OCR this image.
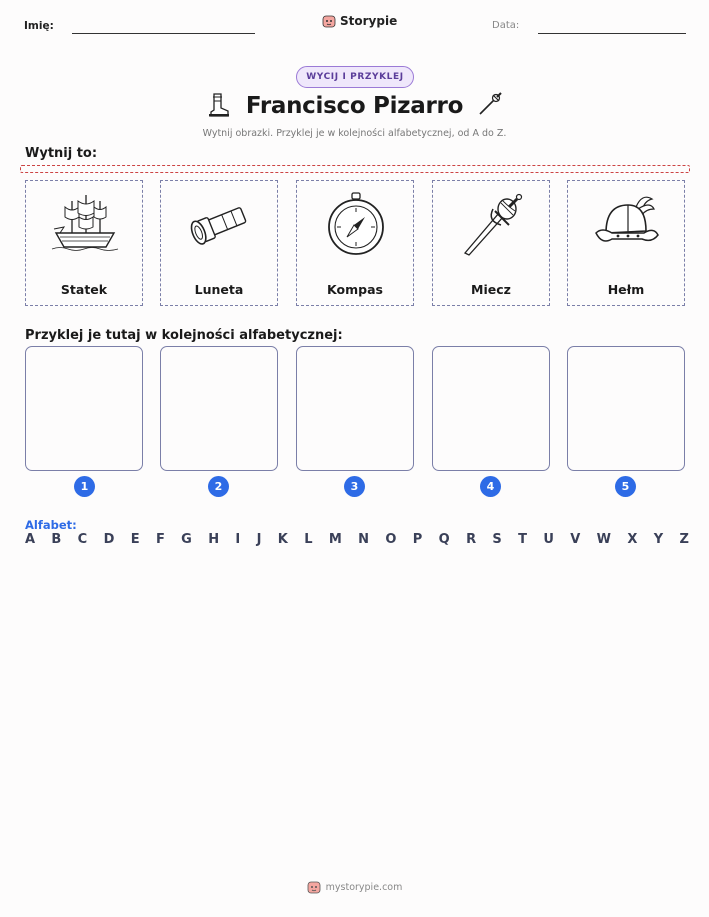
Imię:	Storypie	Data:
WYCIJ I PRZYKLEJ
Francisco Pizarro
Wytnij obrazki. Przyklej je w kolejności alfabetycznej, od A do Z.
Wytnij to:
Statek	Luneta	Kompas	Miecz	Hełm
Przyklej je tutaj w kolejności alfabetycznej:
1	2	3	4	5
Alfabet:
A B C D E F G H I J K L M N O P Q R S T U V W X Y Z
mystorypie.com
